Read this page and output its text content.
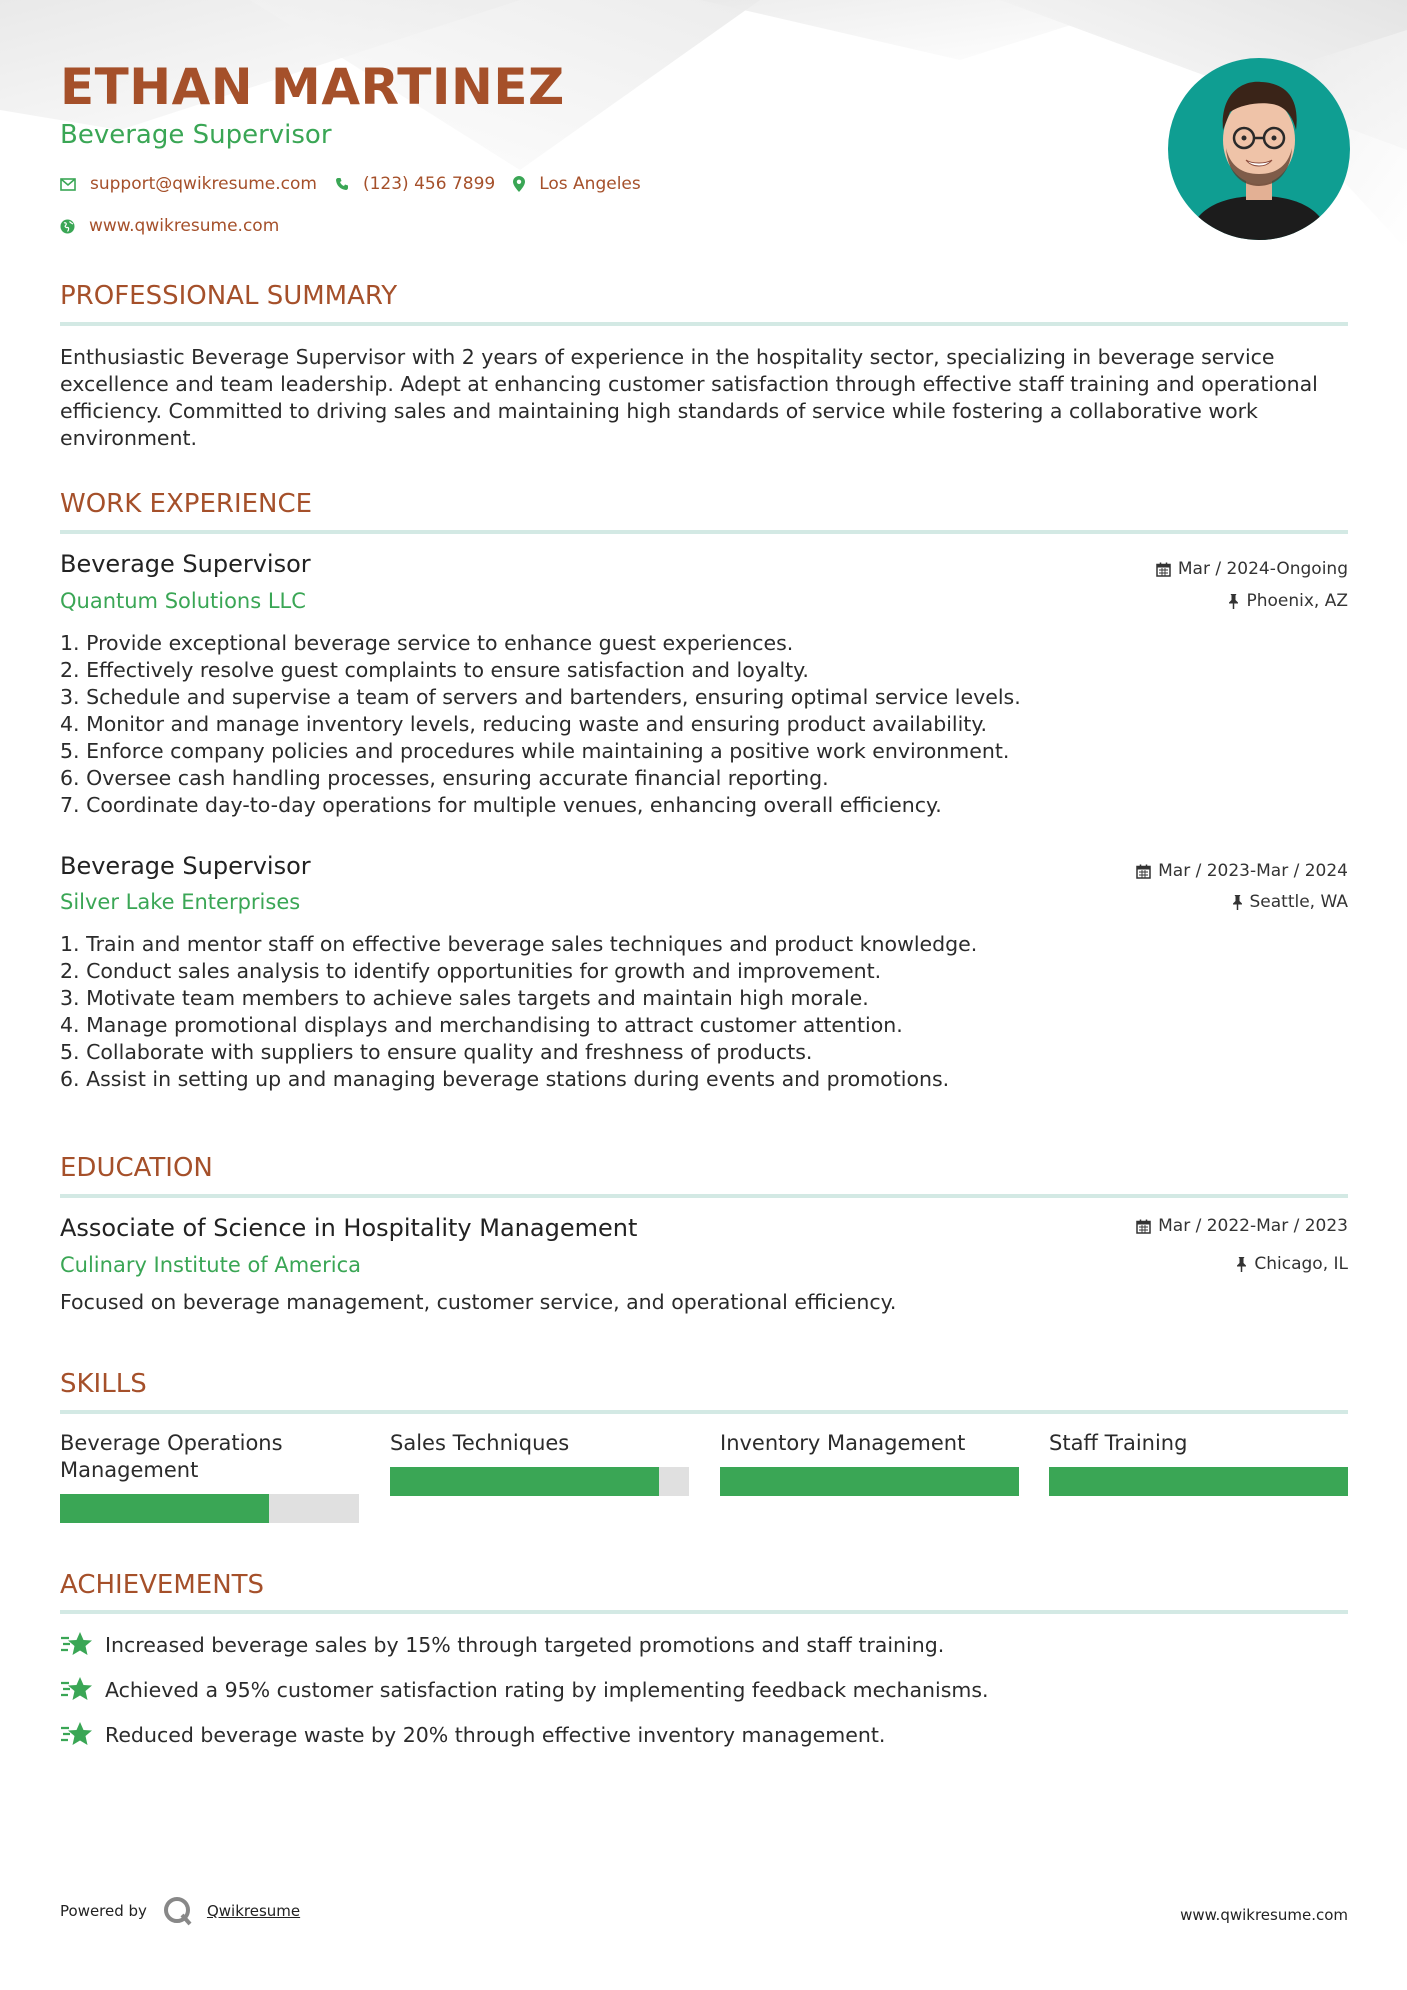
ETHAN MARTINEZ
Beverage Supervisor
support@qwikresume.com	(123) 456 7899	Los Angeles
www.qwikresume.com
PROFESSIONAL SUMMARY

Enthusiastic Beverage Supervisor with 2 years of experience in the hospitality sector, specializing in beverage service excellence and team leadership. Adept at enhancing customer satisfaction through effective staff training and operational efficiency. Committed to driving sales and maintaining high standards of service while fostering a collaborative work environment.

WORK EXPERIENCE
Beverage Supervisor
Quantum Solutions LLC
Mar / 2024-Ongoing
Phoenix, AZ
1. Provide exceptional beverage service to enhance guest experiences.
2. Effectively resolve guest complaints to ensure satisfaction and loyalty.
3. Schedule and supervise a team of servers and bartenders, ensuring optimal service levels.
4. Monitor and manage inventory levels, reducing waste and ensuring product availability.
5. Enforce company policies and procedures while maintaining a positive work environment.
6. Oversee cash handling processes, ensuring accurate financial reporting.
7. Coordinate day-to-day operations for multiple venues, enhancing overall efficiency.
Beverage Supervisor
Silver Lake Enterprises
Mar / 2023-Mar / 2024
Seattle, WA
1. Train and mentor staff on effective beverage sales techniques and product knowledge.
2. Conduct sales analysis to identify opportunities for growth and improvement.
3. Motivate team members to achieve sales targets and maintain high morale.
4. Manage promotional displays and merchandising to attract customer attention.
5. Collaborate with suppliers to ensure quality and freshness of products.
6. Assist in setting up and managing beverage stations during events and promotions.
EDUCATION
Associate of Science in Hospitality Management
Culinary Institute of America
Mar / 2022-Mar / 2023
Chicago, IL
Focused on beverage management, customer service, and operational efficiency.
SKILLS
Beverage Operations Management
Sales Techniques	Inventory Management	Staff Training
ACHIEVEMENTS
Increased beverage sales by 15% through targeted promotions and staff training.
Achieved a 95% customer satisfaction rating by implementing feedback mechanisms.
Reduced beverage waste by 20% through effective inventory management.
Powered by	Qwikresume	www.qwikresume.com
